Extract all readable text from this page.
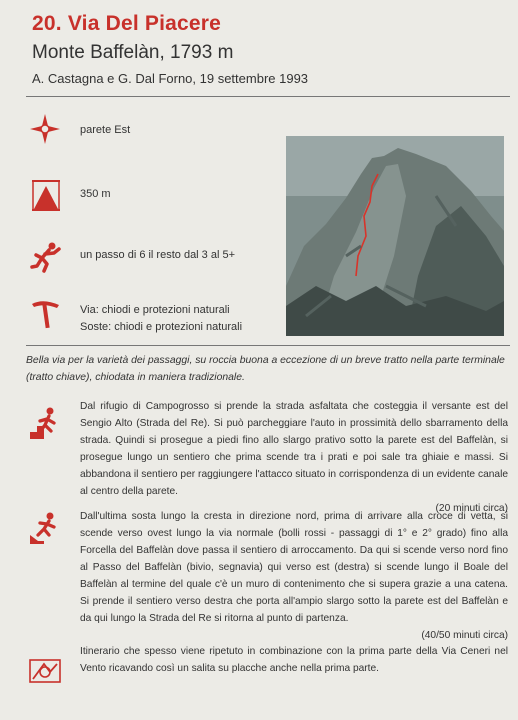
20. Via Del Piacere
Monte Baffelàn, 1793 m
A. Castagna e G. Dal Forno, 19 settembre 1993
parete Est
350 m
un passo di 6 il resto dal 3 al 5+
Via: chiodi e protezioni naturali
Soste: chiodi e protezioni naturali
Bella via per la varietà dei passaggi, su roccia buona a eccezione di un breve tratto nella parte terminale (tratto chiave), chiodata in maniera tradizionale.

Dal rifugio di Campogrosso si prende la strada asfaltata che costeggia il versante est del Sengio Alto (Strada del Re). Si può parcheggiare l'auto in prossimità dello sbarramento della strada. Quindi si prosegue a piedi fino allo slargo prativo sotto la parete est del Baffelàn, si prosegue lungo un sentiero che prima scende tra i prati e poi sale tra ghiaie e massi. Si abbandona il sentiero per raggiungere l'attacco situato in corrispondenza di un evidente canale al centro della parete.

(20 minuti circa)

Dall'ultima sosta lungo la cresta in direzione nord, prima di arrivare alla croce di vetta, si scende verso ovest lungo la via normale (bolli rossi - passaggi di 1° e 2° grado) fino alla Forcella del Baffelàn dove passa il sentiero di arroccamento. Da qui si scende verso nord fino al Passo del Baffelàn (bivio, segnavia) qui verso est (destra) si scende lungo il Boale del Baffelàn al termine del quale c'è un muro di contenimento che si supera grazie a una catena. Si prende il sentiero verso destra che porta all'ampio slargo sotto la parete est del Baffelàn e da qui lungo la Strada del Re si ritorna al punto di partenza.

(40/50 minuti circa)

Itinerario che spesso viene ripetuto in combinazione con la prima parte della Via Ceneri nel Vento ricavando così un salita su placche anche nella prima parte.
